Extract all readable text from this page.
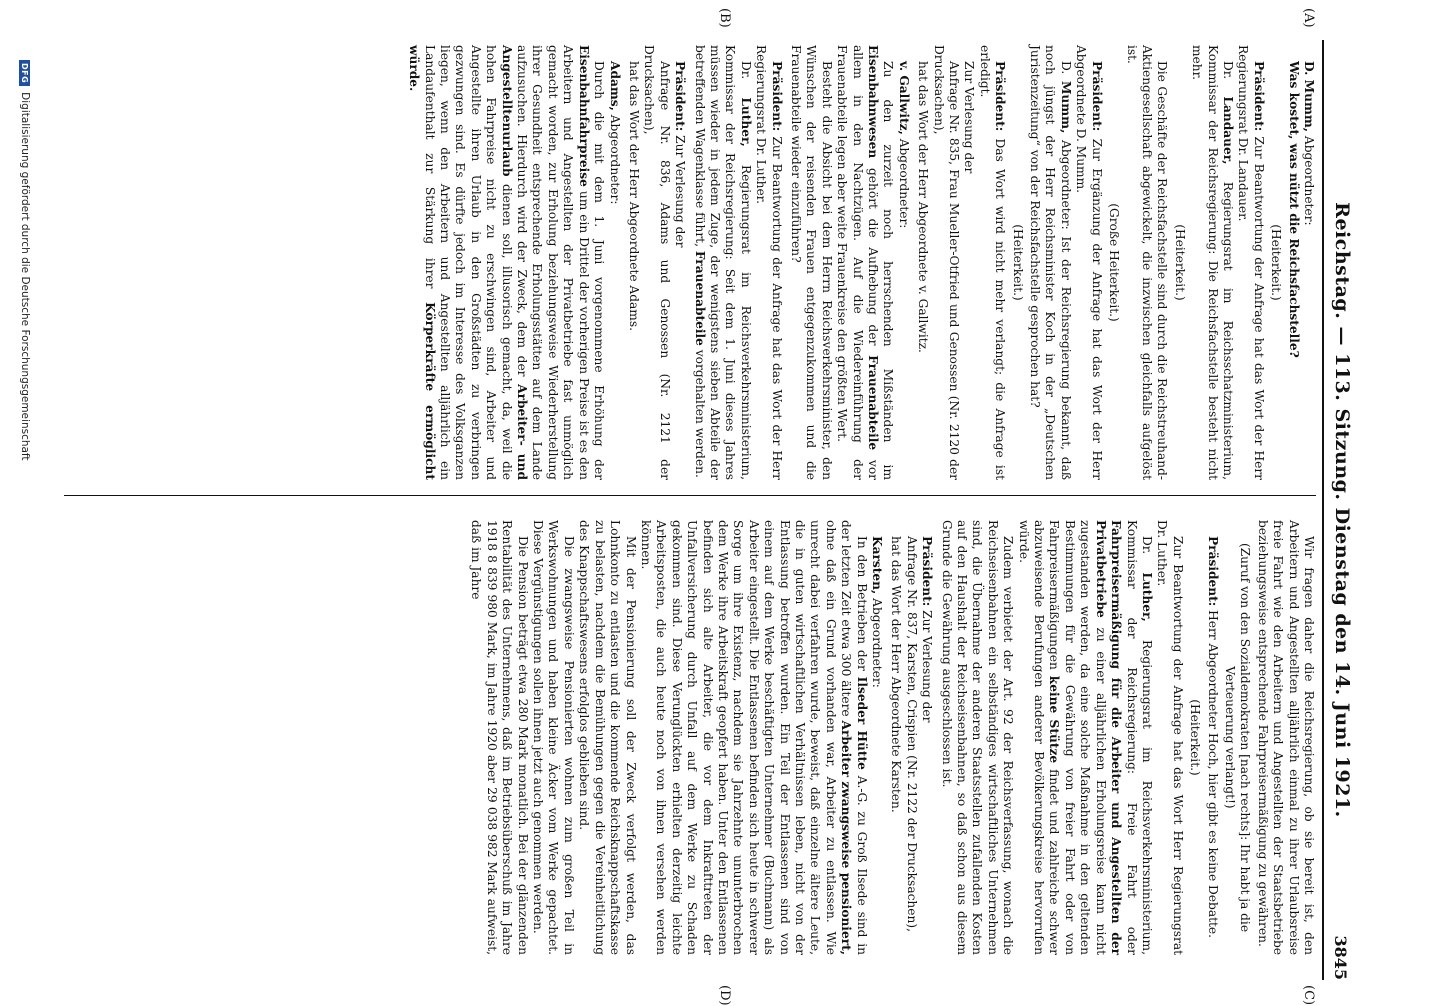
Reichstag. — 113. Sitzung. Dienstag den 14. Juni 1921.
3845
(A)
(B)
(C)
(D)

D. Mumm, Abgeordneter:

Was kostet, was nützt die Reichsfachstelle?

(Heiterkeit.)

Präsident: Zur Beantwortung der Anfrage hat das Wort der Herr Regierungsrat Dr. Landauer.

Dr. Landauer, Regierungsrat im Reichsschatzministerium, Kommissar der Reichsregierung: Die Reichsfachstelle besteht nicht mehr.

(Heiterkeit.)

Die Geschäfte der Reichsfachstelle sind durch die Reichstreuhand-Aktiengesellschaft abgewickelt, die inzwischen gleichfalls aufgelöst ist.

(Große Heiterkeit.)

Präsident: Zur Ergänzung der Anfrage hat das Wort der Herr Abgeordnete D. Mumm.

D. Mumm, Abgeordneter: Ist der Reichsregierung bekannt, daß noch jüngst der Herr Reichsminister Koch in der „Deutschen Juristenzeitung“ von der Reichsfachstelle gesprochen hat?

(Heiterkeit.)

Präsident: Das Wort wird nicht mehr verlangt; die Anfrage ist erledigt.

Zur Verlesung der

Anfrage Nr. 835, Frau Mueller-Otfried und Genossen (Nr. 2120 der Drucksachen),

hat das Wort der Herr Abgeordnete v. Gallwitz.

v. Gallwitz, Abgeordneter:

Zu den zurzeit noch herrschenden Mißständen im Eisenbahnwesen gehört die Aufhebung der Frauenabteile vor allem in den Nachtzügen. Auf die Wiedereinführung der Frauenabteile legen aber weite Frauenkreise den größten Wert.

Besteht die Absicht bei dem Herrn Reichsverkehrsminister, den Wünschen der reisenden Frauen entgegenzukommen und die Frauenabteile wieder einzuführen?

Präsident: Zur Beantwortung der Anfrage hat das Wort der Herr Regierungsrat Dr. Luther.

Dr. Luther, Regierungsrat im Reichsverkehrsministerium, Kommissar der Reichsregierung: Seit dem 1. Juni dieses Jahres müssen wieder in jedem Zuge, der wenigstens sieben Abteile der betreffenden Wagenklasse führt, Frauenabteile vorgehalten werden.

Präsident: Zur Verlesung der

Anfrage Nr. 836, Adams und Genossen (Nr. 2121 der Drucksachen),

hat das Wort der Herr Abgeordnete Adams.

Adams, Abgeordneter:

Durch die mit dem 1. Juni vorgenommene Erhöhung der Eisenbahnfahrpreise um ein Drittel der vorherigen Preise ist es den Arbeitern und Angestellten der Privatbetriebe fast unmöglich gemacht worden, zur Erholung beziehungsweise Wiederherstellung ihrer Gesundheit entsprechende Erholungsstätten auf dem Lande aufzusuchen. Hierdurch wird der Zweck, dem der Arbeiter- und Angestelltenurlaub dienen soll, illusorisch gemacht, da, weil die hohen Fahrpreise nicht zu erschwingen sind, Arbeiter und Angestellte ihren Urlaub in den Großstädten zu verbringen gezwungen sind. Es dürfte jedoch im Interesse des Volksganzen liegen, wenn den Arbeitern und Angestellten alljährlich ein Landaufenthalt zur Stärkung ihrer Körperkräfte ermöglicht würde.

Wir fragen daher die Reichsregierung, ob sie bereit ist, den Arbeitern und Angestellten alljährlich einmal zu ihrer Urlaubsreise freie Fahrt wie den Arbeitern und Angestellten der Staatsbetriebe beziehungsweise entsprechende Fahrpreisermäßigung zu gewähren.

(Zuruf von den Sozialdemokraten [nach rechts]: Ihr habt ja die Verteuerung verlangt!)

Präsident: Herr Abgeordneter Hoch, hier gibt es keine Debatte.

(Heiterkeit.)

Zur Beantwortung der Anfrage hat das Wort Herr Regierungsrat Dr. Luther.

Dr. Luther, Regierungsrat im Reichsverkehrsministerium, Kommissar der Reichsregierung: Freie Fahrt oder Fahrpreisermäßigung für die Arbeiter und Angestellten der Privatbetriebe zu einer alljährlichen Erholungsreise kann nicht zugestanden werden, da eine solche Maßnahme in den geltenden Bestimmungen für die Gewährung von freier Fahrt oder von Fahrpreisermäßigungen keine Stütze findet und zahlreiche schwer abzuweisende Berufungen anderer Bevölkerungskreise hervorrufen würde.

Zudem verbietet der Art. 92 der Reichsverfassung, wonach die Reichseisenbahnen ein selbständiges wirtschaftliches Unternehmen sind, die Übernahme der anderen Staatsstellen zufallenden Kosten auf den Haushalt der Reichseisenbahnen, so daß schon aus diesem Grunde die Gewährung ausgeschlossen ist.

Präsident: Zur Verlesung der

Anfrage Nr. 837, Karsten, Crispien (Nr. 2122 der Drucksachen),

hat das Wort der Herr Abgeordnete Karsten.

Karsten, Abgeordneter:

In den Betrieben der Ilseder Hütte A.-G. zu Groß Ilsede sind in der letzten Zeit etwa 300 ältere Arbeiter zwangsweise pensioniert, ohne daß ein Grund vorhanden war, Arbeiter zu entlassen. Wie unrecht dabei verfahren wurde, beweist, daß einzelne ältere Leute, die in guten wirtschaftlichen Verhältnissen leben, nicht von der Entlassung betroffen wurden. Ein Teil der Entlassenen sind von einem auf dem Werke beschäftigten Unternehmer (Buchmann) als Arbeiter eingestellt. Die Entlassenen befinden sich heute in schwerer Sorge um ihre Existenz, nachdem sie Jahrzehnte ununterbrochen dem Werke ihre Arbeitskraft geopfert haben. Unter den Entlassenen befinden sich alte Arbeiter, die vor dem Inkrafttreten der Unfallversicherung durch Unfall auf dem Werke zu Schaden gekommen sind. Diese Verunglückten erhielten derzeitig leichte Arbeitsposten, die auch heute noch von ihnen versehen werden können.

Mit der Pensionierung soll der Zweck verfolgt werden, das Lohnkonto zu entlasten und die kommende Reichsknappschaftskasse zu belasten, nachdem die Bemühungen gegen die Vereinheitlichung des Knappschaftswesens erfolglos geblieben sind.

Die zwangsweise Pensionierten wohnen zum großen Teil in Werkswohnungen und haben kleine Äcker vom Werke gepachtet. Diese Vergünstigungen sollen ihnen jetzt auch genommen werden.

Die Pension beträgt etwa 280 Mark monatlich. Bei der glänzenden Rentabilität des Unternehmens, daß im Betriebsüberschuß im Jahre 1918 8 839 980 Mark, im Jahre 1920 aber 29 038 982 Mark aufweist, daß im Jahre

DFG
Digitalisierung gefördert durch die Deutsche Forschungsgemeinschaft
